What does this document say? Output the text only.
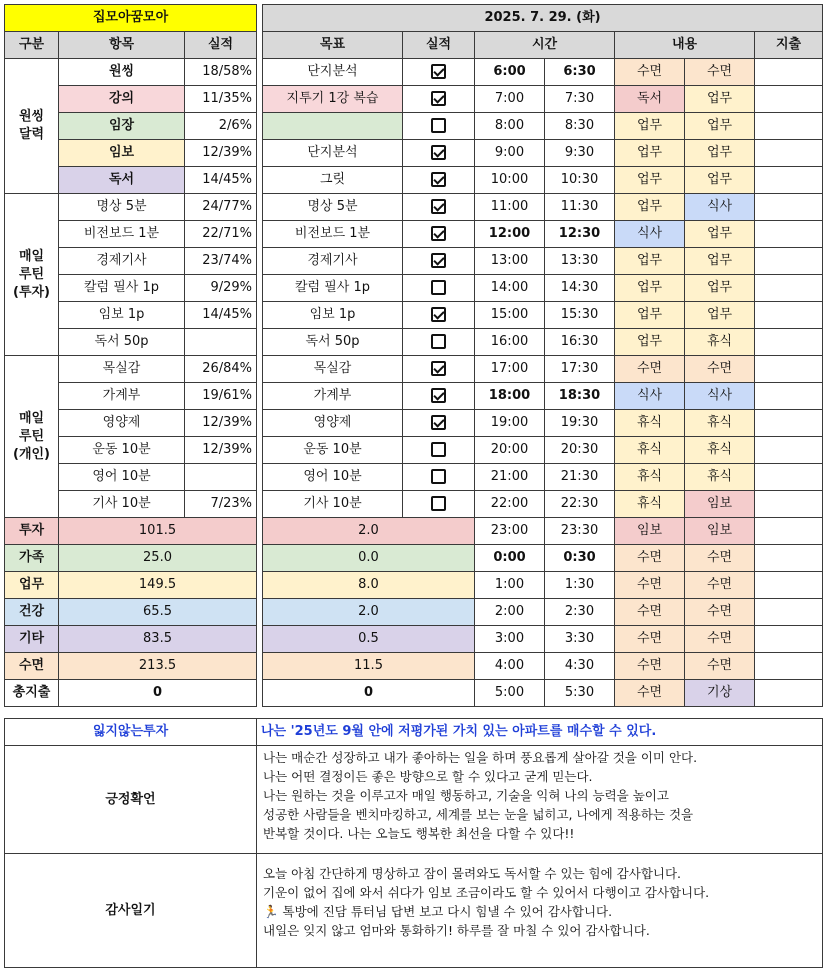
집모아꿈모아		
구분	항목	실적
원씽
달력	원씽	18/58%
	강의	11/35%
	임장	2/6%
	임보	12/39%
	독서	14/45%
매일
루틴
(투자)	명상 5분	24/77%
	비전보드 1분	22/71%
	경제기사	23/74%
	칼럼 필사 1p	9/29%
	임보 1p	14/45%
	독서 50p	
매일
루틴
(개인)	목실감	26/84%
	가계부	19/61%
	영양제	12/39%
	운동 10분	12/39%
	영어 10분	
	기사 10분	7/23%
투자	101.5	
가족	25.0	
업무	149.5	
건강	65.5	
기타	83.5	
수면	213.5	
총지출	0	
2025. 7. 29. (화)						
목표	실적	시간		내용		지출
단지분석		6:00	6:30	수면	수면	
지투기 1강 복습		7:00	7:30	독서	업무	
		8:00	8:30	업무	업무	
단지분석		9:00	9:30	업무	업무	
그릿		10:00	10:30	업무	업무	
명상 5분		11:00	11:30	업무	식사	
비전보드 1분		12:00	12:30	식사	업무	
경제기사		13:00	13:30	업무	업무	
칼럼 필사 1p		14:00	14:30	업무	업무	
임보 1p		15:00	15:30	업무	업무	
독서 50p		16:00	16:30	업무	휴식	
목실감		17:00	17:30	수면	수면	
가계부		18:00	18:30	식사	식사	
영양제		19:00	19:30	휴식	휴식	
운동 10분		20:00	20:30	휴식	휴식	
영어 10분		21:00	21:30	휴식	휴식	
기사 10분		22:00	22:30	휴식	임보	
2.0		23:00	23:30	임보	임보	
0.0		0:00	0:30	수면	수면	
8.0		1:00	1:30	수면	수면	
2.0		2:00	2:30	수면	수면	
0.5		3:00	3:30	수면	수면	
11.5		4:00	4:30	수면	수면	
0		5:00	5:30	수면	기상	
잃지않는투자	나는 '25년도 9월 안에 저평가된 가치 있는 아파트를 매수할 수 있다.
긍정확언	나는 매순간 성장하고 내가 좋아하는 일을 하며 풍요롭게 살아갈 것을 이미 안다.
나는 어떤 결정이든 좋은 방향으로 할 수 있다고 굳게 믿는다.
나는 원하는 것을 이루고자 매일 행동하고, 기술을 익혀 나의 능력을 높이고
성공한 사람들을 벤치마킹하고, 세계를 보는 눈을 넓히고, 나에게 적용하는 것을
반복할 것이다. 나는 오늘도 행복한 최선을 다할 수 있다!!
감사일기	오늘 아침 간단하게 명상하고 잠이 몰려와도 독서할 수 있는 힘에 감사합니다.
기운이 없어 집에 와서 쉬다가 임보 조금이라도 할 수 있어서 다행이고 감사합니다.
🏃 톡방에 진담 튜터님 답변 보고 다시 힘낼 수 있어 감사합니다.
내일은 잊지 않고 엄마와 통화하기! 하루를 잘 마칠 수 있어 감사합니다.
